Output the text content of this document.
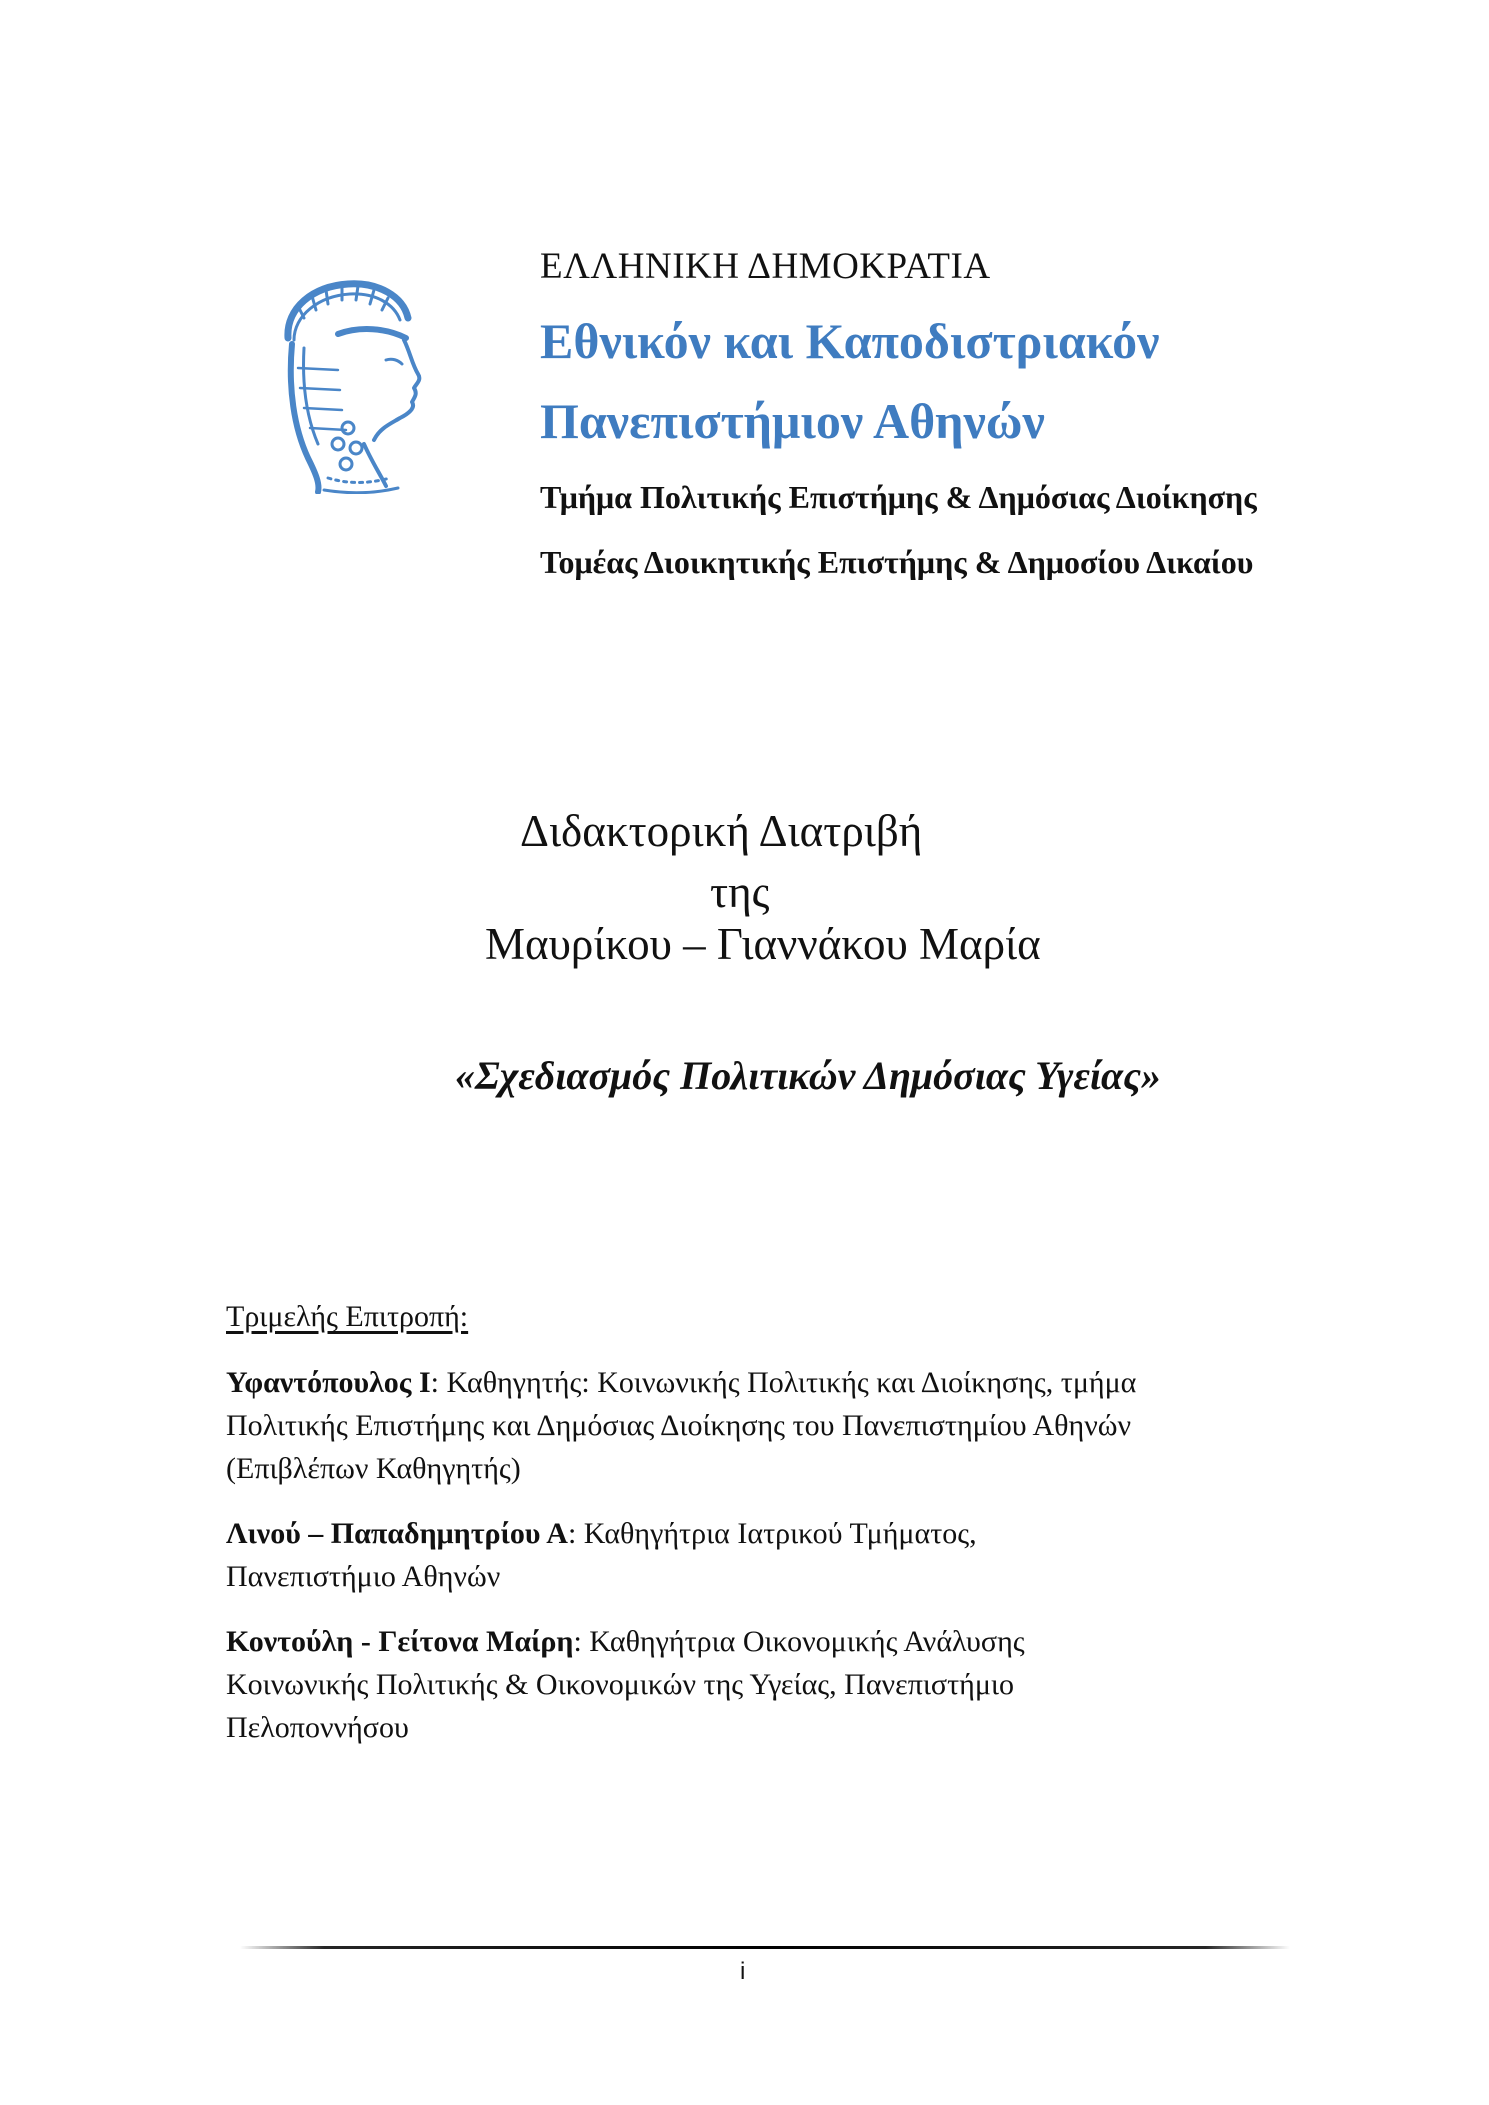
ΕΛΛΗΝΙΚΗ ΔΗΜΟΚΡΑΤΙΑ
Εθνικόν και Καποδιστριακόν
Πανεπιστήμιον Αθηνών
Τμήμα Πολιτικής Επιστήμης & Δημόσιας Διοίκησης
Τομέας Διοικητικής Επιστήμης & Δημοσίου Δικαίου
Διδακτορική Διατριβή
της
Μαυρίκου – Γιαννάκου Μαρία
«Σχεδιασμός Πολιτικών Δημόσιας Υγείας»
Τριμελής Επιτροπή:
Υφαντόπουλος Ι: Καθηγητής: Κοινωνικής Πολιτικής και Διοίκησης, τμήμα
Πολιτικής Επιστήμης και Δημόσιας Διοίκησης του Πανεπιστημίου Αθηνών
(Επιβλέπων Καθηγητής)
Λινού – Παπαδημητρίου Α: Καθηγήτρια Ιατρικού Τμήματος,
Πανεπιστήμιο Αθηνών
Κοντούλη - Γείτονα Μαίρη: Καθηγήτρια Οικονομικής Ανάλυσης
Κοινωνικής Πολιτικής & Οικονομικών της Υγείας, Πανεπιστήμιο
Πελοποννήσου
i
